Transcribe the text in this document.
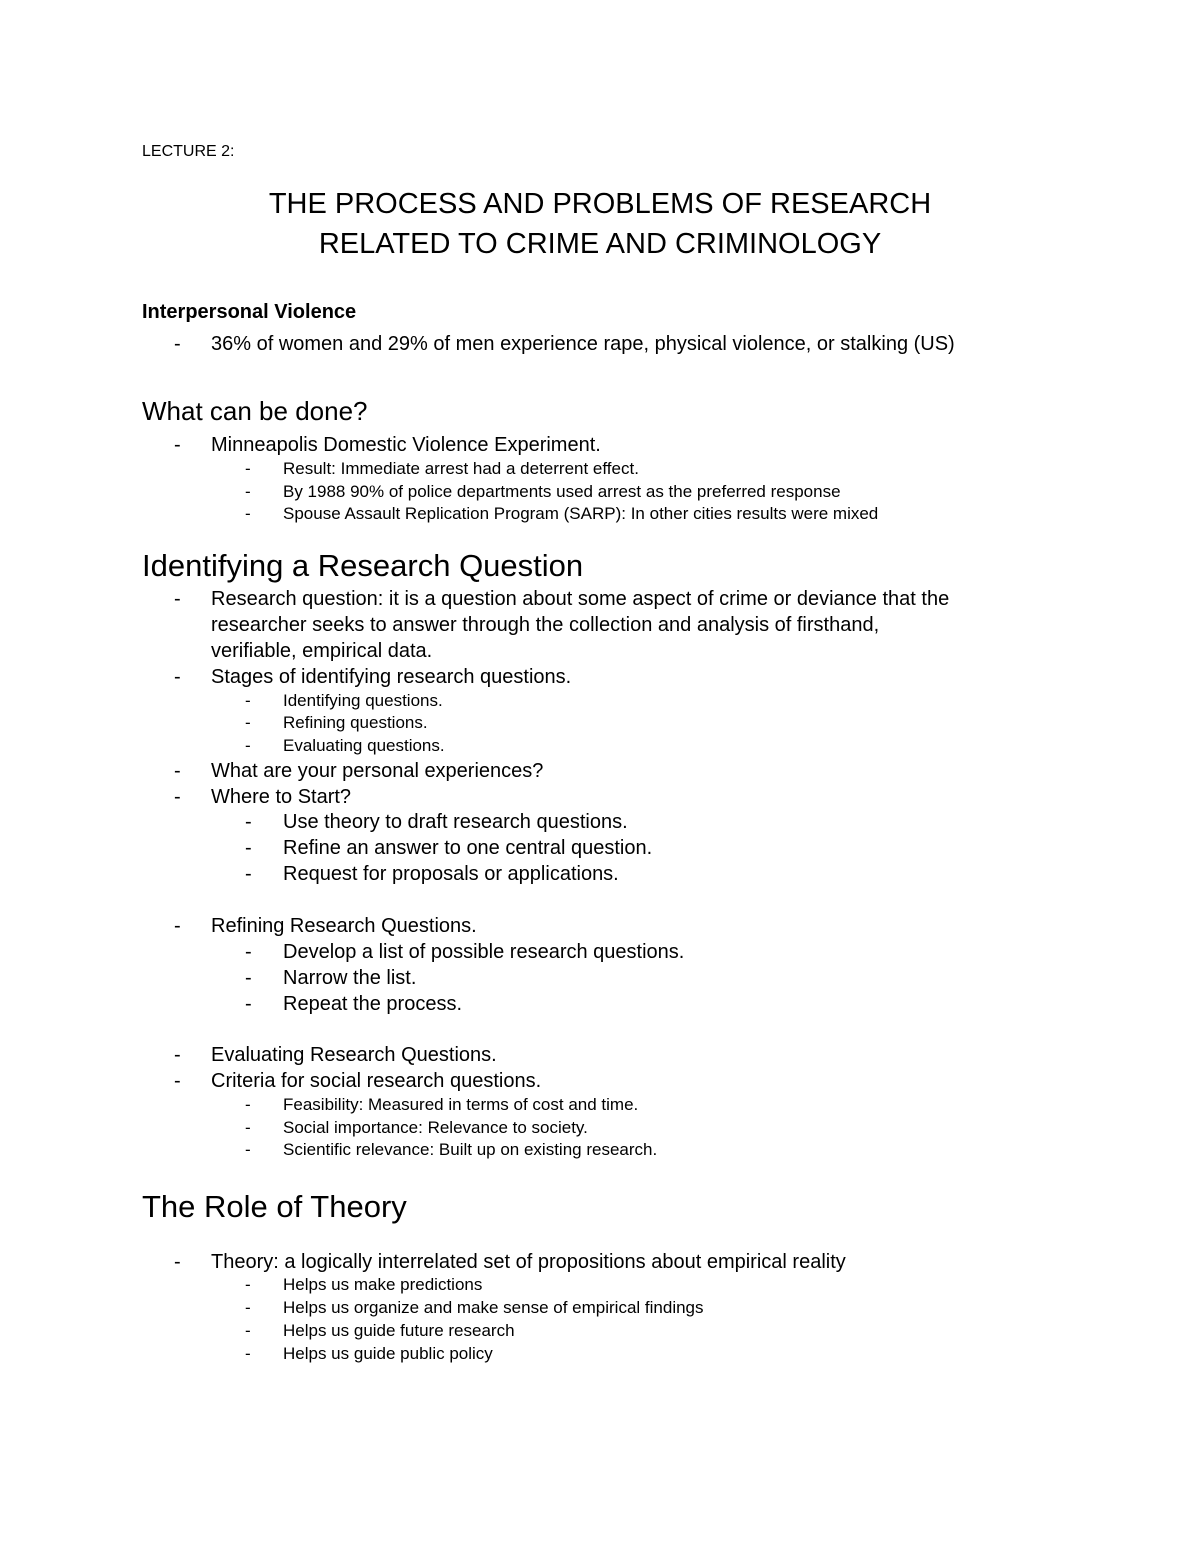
LECTURE 2:
THE PROCESS AND PROBLEMS OF RESEARCH
RELATED TO CRIME AND CRIMINOLOGY
Interpersonal Violence
- 36% of women and 29% of men experience rape, physical violence, or stalking (US)
What can be done?
- Minneapolis Domestic Violence Experiment.
- Result: Immediate arrest had a deterrent effect.
- By 1988 90% of police departments used arrest as the preferred response
- Spouse Assault Replication Program (SARP): In other cities results were mixed
Identifying a Research Question
- Research question: it is a question about some aspect of crime or deviance that the
researcher seeks to answer through the collection and analysis of firsthand,
verifiable, empirical data.
- Stages of identifying research questions.
- Identifying questions.
- Refining questions.
- Evaluating questions.
- What are your personal experiences?
- Where to Start?
- Use theory to draft research questions.
- Refine an answer to one central question.
- Request for proposals or applications.
- Refining Research Questions.
- Develop a list of possible research questions.
- Narrow the list.
- Repeat the process.
- Evaluating Research Questions.
- Criteria for social research questions.
- Feasibility: Measured in terms of cost and time.
- Social importance: Relevance to society.
- Scientific relevance: Built up on existing research.
The Role of Theory
- Theory: a logically interrelated set of propositions about empirical reality
- Helps us make predictions
- Helps us organize and make sense of empirical findings
- Helps us guide future research
- Helps us guide public policy
